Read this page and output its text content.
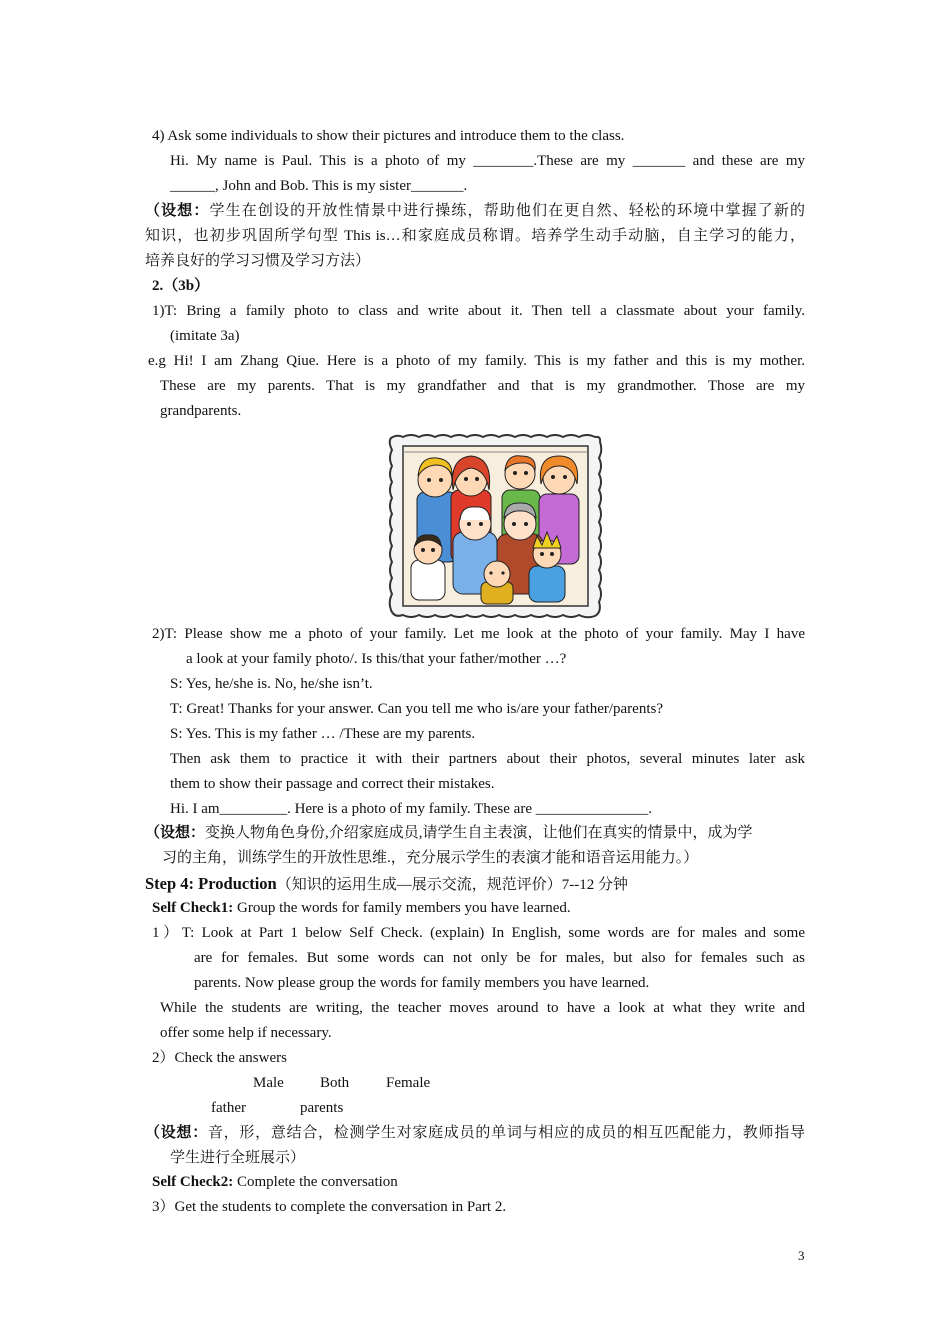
4) Ask some individuals to show their pictures and introduce them to the class.
Hi. My name is Paul. This is a photo of my ________.These are my _______ and these are my
______, John and Bob. This is my sister_______.
（设想：学生在创设的开放性情景中进行操练，帮助他们在更自然、轻松的环境中掌握了新的
知识，也初步巩固所学句型 This is…和家庭成员称谓。培养学生动手动脑，自主学习的能力，
培养良好的学习习惯及学习方法）
2.（3b）
1)T: Bring a family photo to class and write about it. Then tell a classmate about your family.
(imitate 3a)
e.g Hi! I am Zhang Qiue. Here is a photo of my family. This is my father and this is my mother.
These are my parents. That is my grandfather and that is my grandmother. Those are my
grandparents.
2)T: Please show me a photo of your family. Let me look at the photo of your family. May I have
a look at your family photo/. Is this/that your father/mother …?
S: Yes, he/she is. No, he/she isn’t.
T: Great! Thanks for your answer. Can you tell me who is/are your father/parents?
S: Yes. This is my father … /These are my parents.
Then ask them to practice it with their partners about their photos, several minutes later ask
them to show their passage and correct their mistakes.
Hi. I am_________. Here is a photo of my family. These are _______________.
（设想：变换人物角色身份,介绍家庭成员,请学生自主表演，让他们在真实的情景中，成为学
习的主角，训练学生的开放性思维.，充分展示学生的表演才能和语音运用能力。）
Step 4: Production（知识的运用生成—展示交流，规范评价）7--12 分钟
Self Check1: Group the words for family members you have learned.
1）T: Look at Part 1 below Self Check. (explain) In English, some words are for males and some
are for females. But some words can not only be for males, but also for females such as
parents. Now please group the words for family members you have learned.
While the students are writing, the teacher moves around to have a look at what they write and
offer some help if necessary.
2）Check the answers
Male Both Female
father	parents
（设想：音，形，意结合，检测学生对家庭成员的单词与相应的成员的相互匹配能力，教师指导
学生进行全班展示）
Self Check2: Complete the conversation
3）Get the students to complete the conversation in Part 2.
3
